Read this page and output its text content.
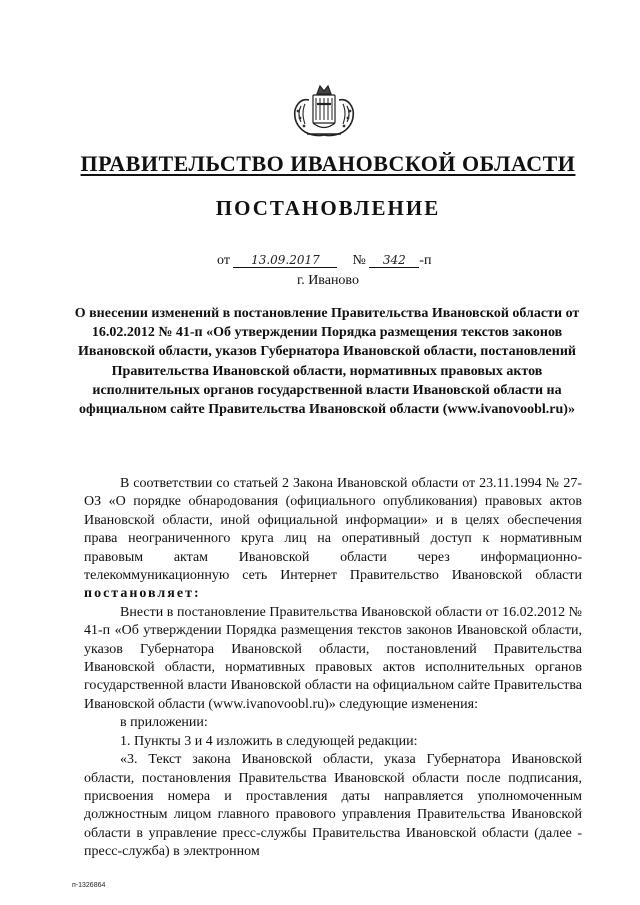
ПРАВИТЕЛЬСТВО ИВАНОВСКОЙ ОБЛАСТИ
ПОСТАНОВЛЕНИЕ
от 13.09.2017 № 342 -п
г. Иваново
О внесении изменений в постановление Правительства Ивановской области от 16.02.2012 № 41-п «Об утверждении Порядка размещения текстов законов Ивановской области, указов Губернатора Ивановской области, постановлений Правительства Ивановской области, нормативных правовых актов исполнительных органов государственной власти Ивановской области на официальном сайте Правительства Ивановской области (www.ivanovoobl.ru)»

В соответствии со статьей 2 Закона Ивановской области от 23.11.1994 № 27-ОЗ «О порядке обнародования (официального опубликования) правовых актов Ивановской области, иной официальной информации» и в целях обеспечения права неограниченного круга лиц на оперативный доступ к нормативным правовым актам Ивановской области через информационно-телекоммуникационную сеть Интернет Правительство Ивановской области постановляет:

Внести в постановление Правительства Ивановской области от 16.02.2012 № 41-п «Об утверждении Порядка размещения текстов законов Ивановской области, указов Губернатора Ивановской области, постановлений Правительства Ивановской области, нормативных правовых актов исполнительных органов государственной власти Ивановской области на официальном сайте Правительства Ивановской области (www.ivanovoobl.ru)» следующие изменения:

в приложении:

1. Пункты 3 и 4 изложить в следующей редакции:

«3. Текст закона Ивановской области, указа Губернатора Ивановской области, постановления Правительства Ивановской области после подписания, присвоения номера и проставления даты направляется уполномоченным должностным лицом главного правового управления Правительства Ивановской области в управление пресс-службы Правительства Ивановской области (далее - пресс-служба) в электронном

п-1326864
